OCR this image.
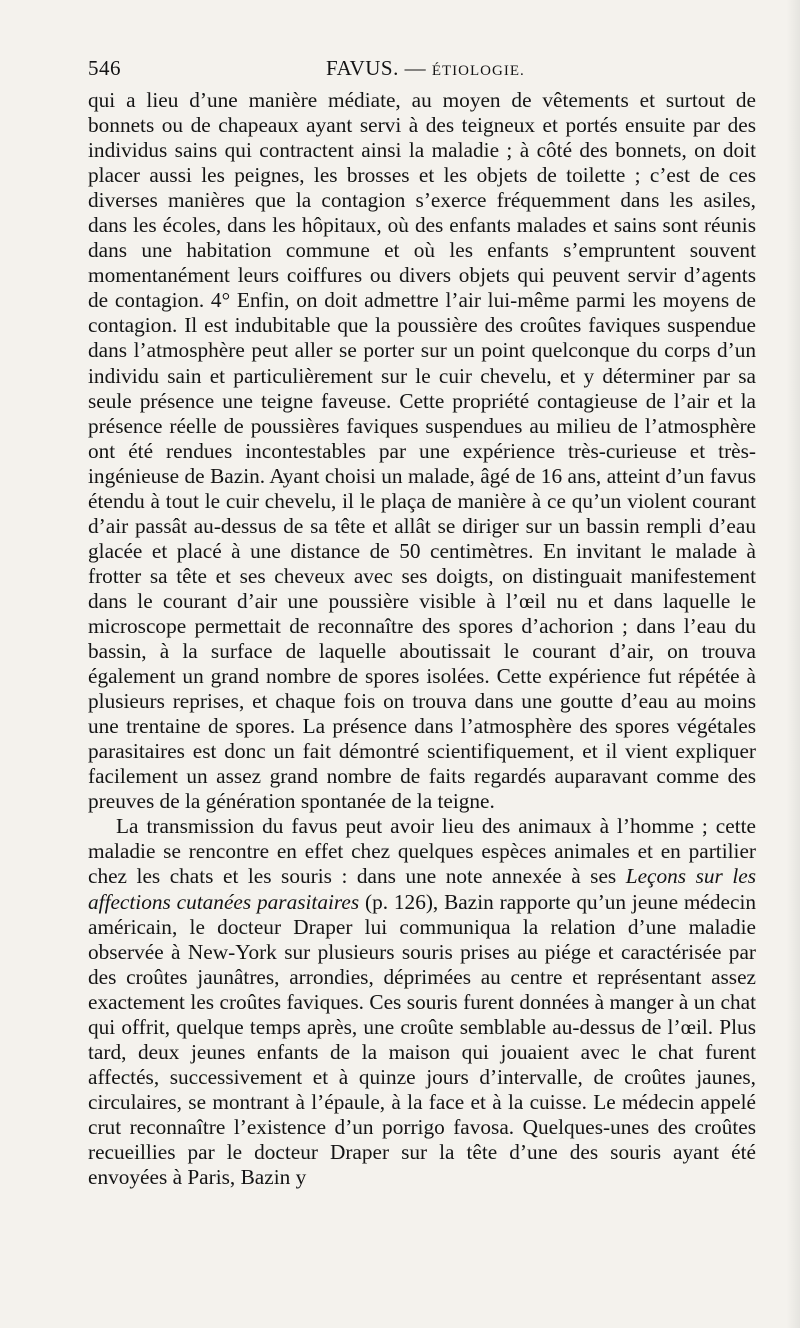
546	FAVUS. — ÉTIOLOGIE.

qui a lieu d’une manière médiate, au moyen de vêtements et surtout de bonnets ou de chapeaux ayant servi à des teigneux et portés ensuite par des individus sains qui contractent ainsi la maladie ; à côté des bonnets, on doit placer aussi les peignes, les brosses et les objets de toilette ; c’est de ces diverses manières que la contagion s’exerce fréquemment dans les asiles, dans les écoles, dans les hôpitaux, où des enfants malades et sains sont réunis dans une habitation commune et où les enfants s’empruntent souvent momentanément leurs coiffures ou divers objets qui peuvent servir d’agents de contagion. 4° Enfin, on doit admettre l’air lui-même parmi les moyens de contagion. Il est indubitable que la poussière des croûtes faviques suspendue dans l’atmosphère peut aller se porter sur un point quelconque du corps d’un individu sain et particulièrement sur le cuir chevelu, et y déterminer par sa seule présence une teigne faveuse. Cette propriété contagieuse de l’air et la présence réelle de poussières faviques suspendues au milieu de l’atmosphère ont été rendues incontestables par une expérience très-curieuse et très-ingénieuse de Bazin. Ayant choisi un malade, âgé de 16 ans, atteint d’un favus étendu à tout le cuir chevelu, il le plaça de manière à ce qu’un violent courant d’air passât au-dessus de sa tête et allât se diriger sur un bassin rempli d’eau glacée et placé à une distance de 50 centimètres. En invitant le malade à frotter sa tête et ses cheveux avec ses doigts, on distinguait manifestement dans le courant d’air une poussière visible à l’œil nu et dans laquelle le microscope permettait de reconnaître des spores d’achorion ; dans l’eau du bassin, à la surface de laquelle aboutissait le courant d’air, on trouva également un grand nombre de spores isolées. Cette expérience fut répétée à plusieurs reprises, et chaque fois on trouva dans une goutte d’eau au moins une trentaine de spores. La présence dans l’atmosphère des spores végétales parasitaires est donc un fait démontré scientifiquement, et il vient expliquer facilement un assez grand nombre de faits regardés auparavant comme des preuves de la génération spontanée de la teigne.

La transmission du favus peut avoir lieu des animaux à l’homme ; cette maladie se rencontre en effet chez quelques espèces animales et en partilier chez les chats et les souris : dans une note annexée à ses Leçons sur les affections cutanées parasitaires (p. 126), Bazin rapporte qu’un jeune médecin américain, le docteur Draper lui communiqua la relation d’une maladie observée à New-York sur plusieurs souris prises au piége et caractérisée par des croûtes jaunâtres, arrondies, déprimées au centre et représentant assez exactement les croûtes faviques. Ces souris furent données à manger à un chat qui offrit, quelque temps après, une croûte semblable au-dessus de l’œil. Plus tard, deux jeunes enfants de la maison qui jouaient avec le chat furent affectés, successivement et à quinze jours d’intervalle, de croûtes jaunes, circulaires, se montrant à l’épaule, à la face et à la cuisse. Le médecin appelé crut reconnaître l’existence d’un porrigo favosa. Quelques-unes des croûtes recueillies par le docteur Draper sur la tête d’une des souris ayant été envoyées à Paris, Bazin y
